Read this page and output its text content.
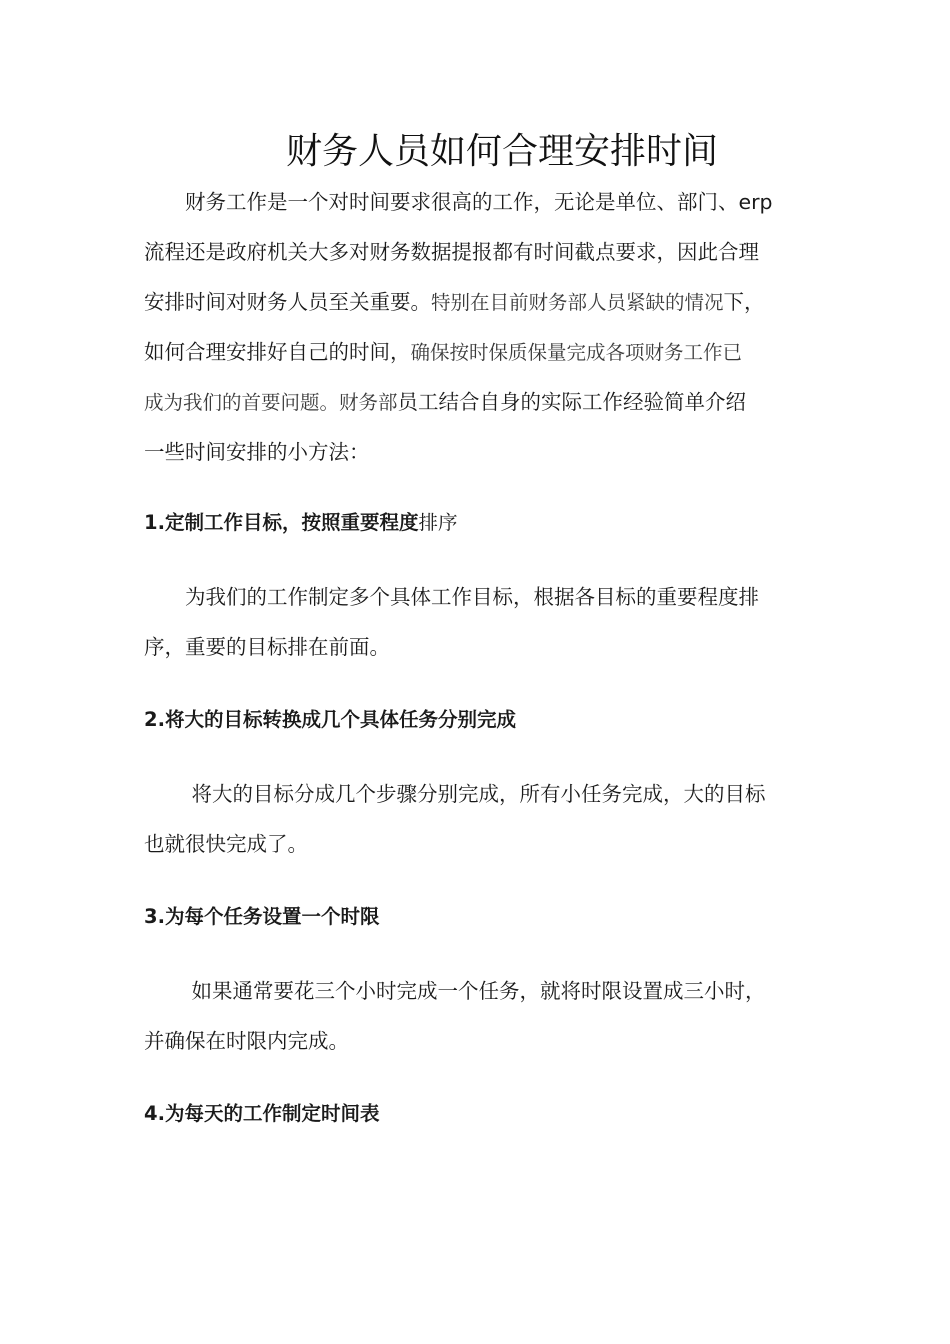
财务人员如何合理安排时间
　　财务工作是一个对时间要求很高的工作，无论是单位、部门、erp
流程还是政府机关大多对财务数据提报都有时间截点要求，因此合理
安排时间对财务人员至关重要。特别在目前财务部人员紧缺的情况下，
如何合理安排好自己的时间，确保按时保质保量完成各项财务工作已
成为我们的首要问题。财务部员工结合自身的实际工作经验简单介绍
一些时间安排的小方法：
1.定制工作目标，按照重要程度排序
　　为我们的工作制定多个具体工作目标，根据各目标的重要程度排
序，重要的目标排在前面。
2.将大的目标转换成几个具体任务分别完成
　　 将大的目标分成几个步骤分别完成，所有小任务完成，大的目标
也就很快完成了。
3.为每个任务设置一个时限
　　 如果通常要花三个小时完成一个任务，就将时限设置成三小时，
并确保在时限内完成。
4.为每天的工作制定时间表
